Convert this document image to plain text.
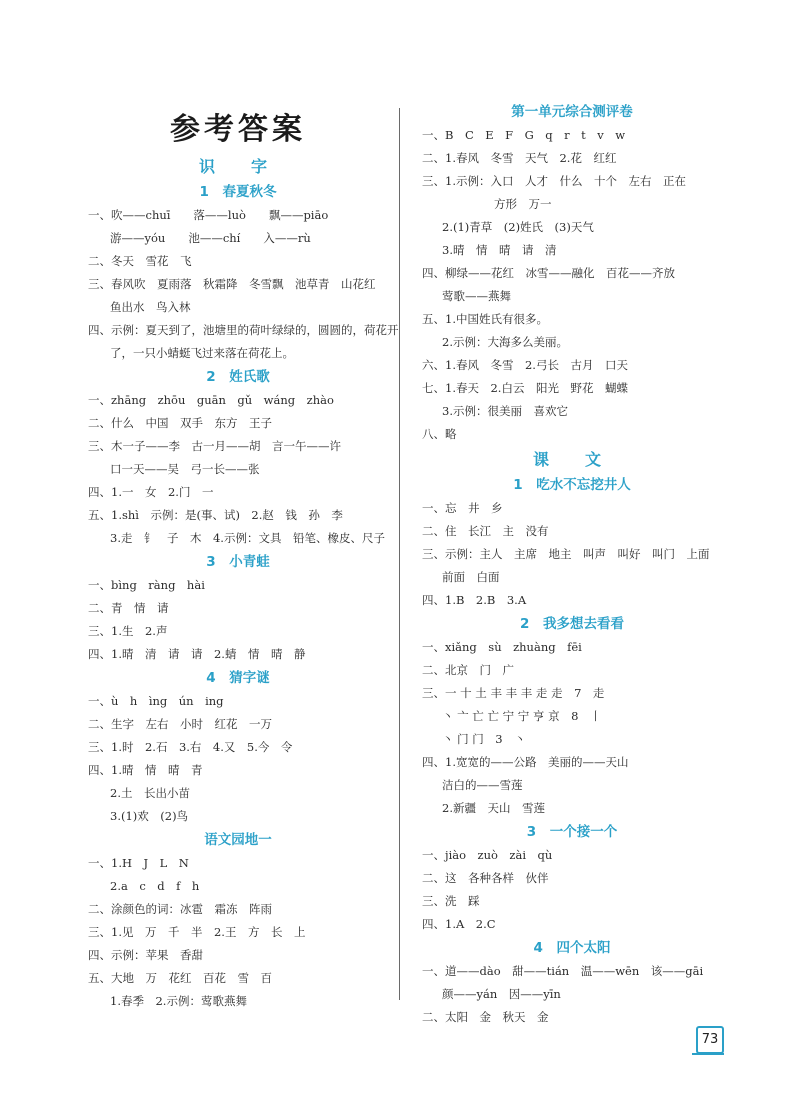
参考答案
识　字
1　春夏秋冬
一、吹——chuī　　落——luò　　飘——piāo
游——yóu　　池——chí　　入——rù
二、冬天　雪花　飞
三、春风吹　夏雨落　秋霜降　冬雪飘　池草青　山花红
鱼出水　鸟入林
四、示例：夏天到了，池塘里的荷叶绿绿的，圆圆的，荷花开
了，一只小蜻蜓飞过来落在荷花上。
2　姓氏歌
一、zhāng　zhōu　guān　gǔ　wáng　zhào
二、什么　中国　双手　东方　王子
三、木一子——李　古一月——胡　言一午——许
口一天——吴　弓一长——张
四、1.一　女　2.门　一
五、1.shì　示例：是(事、试)　2.赵　钱　孙　李
3.走　钅　子　木　4.示例：文具　铅笔、橡皮、尺子
3　小青蛙
一、bìng　ràng　hài
二、青　情　请
三、1.生　2.声
四、1.晴　清　请　请　2.蜻　情　晴　静
4　猜字谜
一、ù　h　ìng　ún　ing
二、生字　左右　小时　红花　一万
三、1.时　2.石　3.右　4.又　5.今　令
四、1.晴　情　晴　青
2.土　长出小苗
3.(1)欢　(2)鸟
语文园地一
一、1.H　J　L　N
2.a　c　d　f　h
二、涂颜色的词：冰雹　霜冻　阵雨
三、1.见　万　千　半　2.王　方　长　上
四、示例：苹果　香甜
五、大地　万　花红　百花　雪　百
1.春季　2.示例：莺歌燕舞
第一单元综合测评卷
一、B　C　E　F　G　q　r　t　v　w
二、1.春风　冬雪　天气　2.花　红红
三、1.示例：入口　人才　什么　十个　左右　正在
方形　万一
2.(1)青草　(2)姓氏　(3)天气
3.晴　情　晴　请　清
四、柳绿——花红　冰雪——融化　百花——齐放
莺歌——燕舞
五、1.中国姓氏有很多。
2.示例：大海多么美丽。
六、1.春风　冬雪　2.弓长　古月　口天
七、1.春天　2.白云　阳光　野花　蝴蝶
3.示例：很美丽　喜欢它
八、略
课　文
1　吃水不忘挖井人
一、忘　井　乡
二、住　长江　主　没有
三、示例：主人　主席　地主　叫声　叫好　叫门　上面
前面　白面
四、1.B　2.B　3.A
2　我多想去看看
一、xiǎng　sù　zhuàng　fēi
二、北京　门　广
三、一 十 土 丰 丰 丰 走 走　7　走
丶 亠 亡 亡 宁 宁 亨 京　8　丨
丶 门 门　3　丶
四、1.宽宽的——公路　美丽的——天山
洁白的——雪莲
2.新疆　天山　雪莲
3　一个接一个
一、jiào　zuò　zài　qù
二、这　各种各样　伙伴
三、洗　踩
四、1.A　2.C
4　四个太阳
一、道——dào　甜——tián　温——wēn　该——gāi
颜——yán　因——yīn
二、太阳　金　秋天　金
73
